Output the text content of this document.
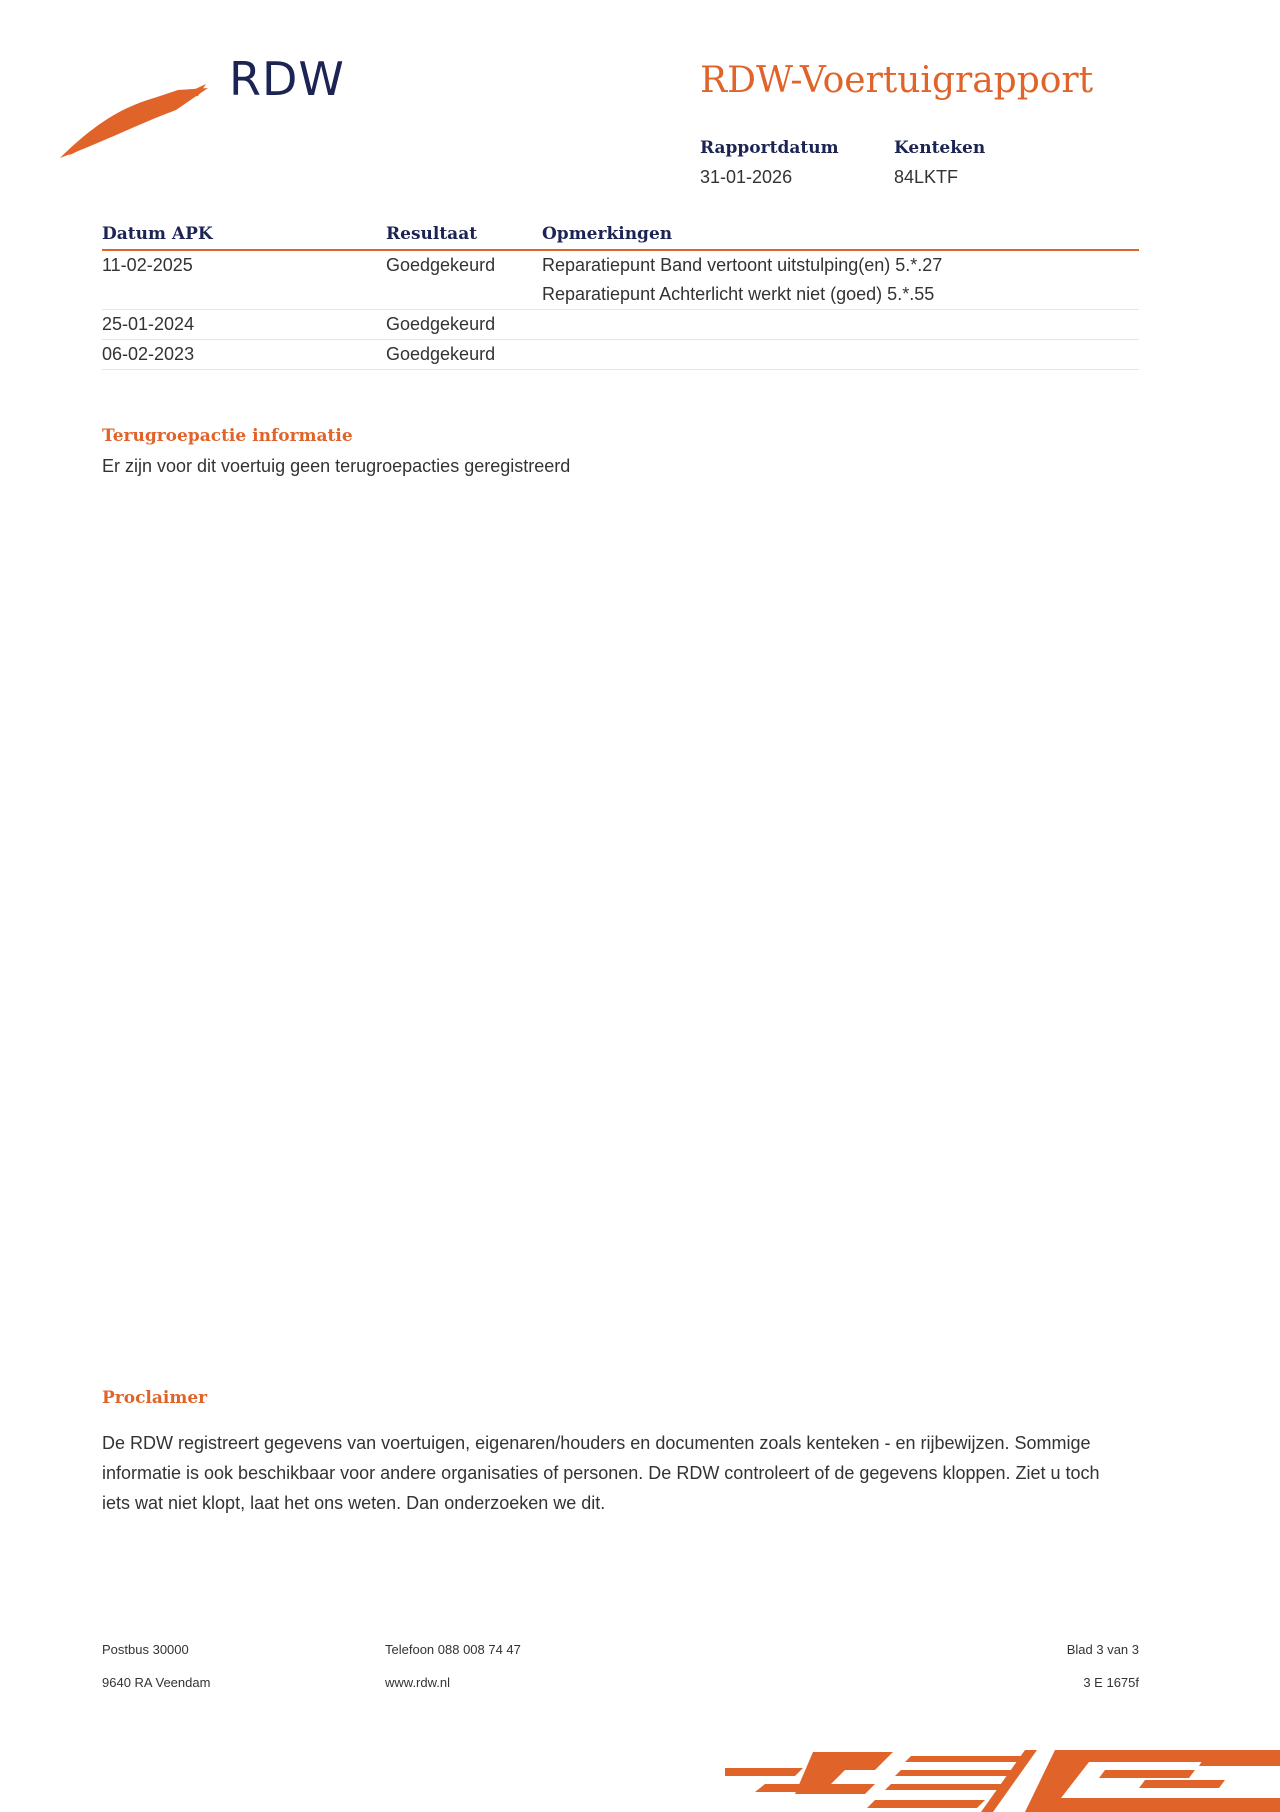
RDW	RDW-Voertuigrapport
Rapportdatum
31-01-2026
Kenteken
84LKTF
Datum APK	Resultaat	Opmerkingen
11-02-2025	Goedgekeurd	Reparatiepunt Band vertoont uitstulping(en) 5.*.27
Reparatiepunt Achterlicht werkt niet (goed) 5.*.55

25-01-2024	Goedgekeurd	
06-02-2023	Goedgekeurd	
Terugroepactie informatie
Er zijn voor dit voertuig geen terugroepacties geregistreerd
Proclaimer
De RDW registreert gegevens van voertuigen, eigenaren/houders en documenten zoals kenteken - en rijbewijzen. Sommige informatie is ook beschikbaar voor andere organisaties of personen. De RDW controleert of de gegevens kloppen. Ziet u toch iets wat niet klopt, laat het ons weten. Dan onderzoeken we dit.
Postbus 30000
9640 RA Veendam
Telefoon 088 008 74 47
www.rdw.nl
Blad 3 van 3
3 E 1675f
